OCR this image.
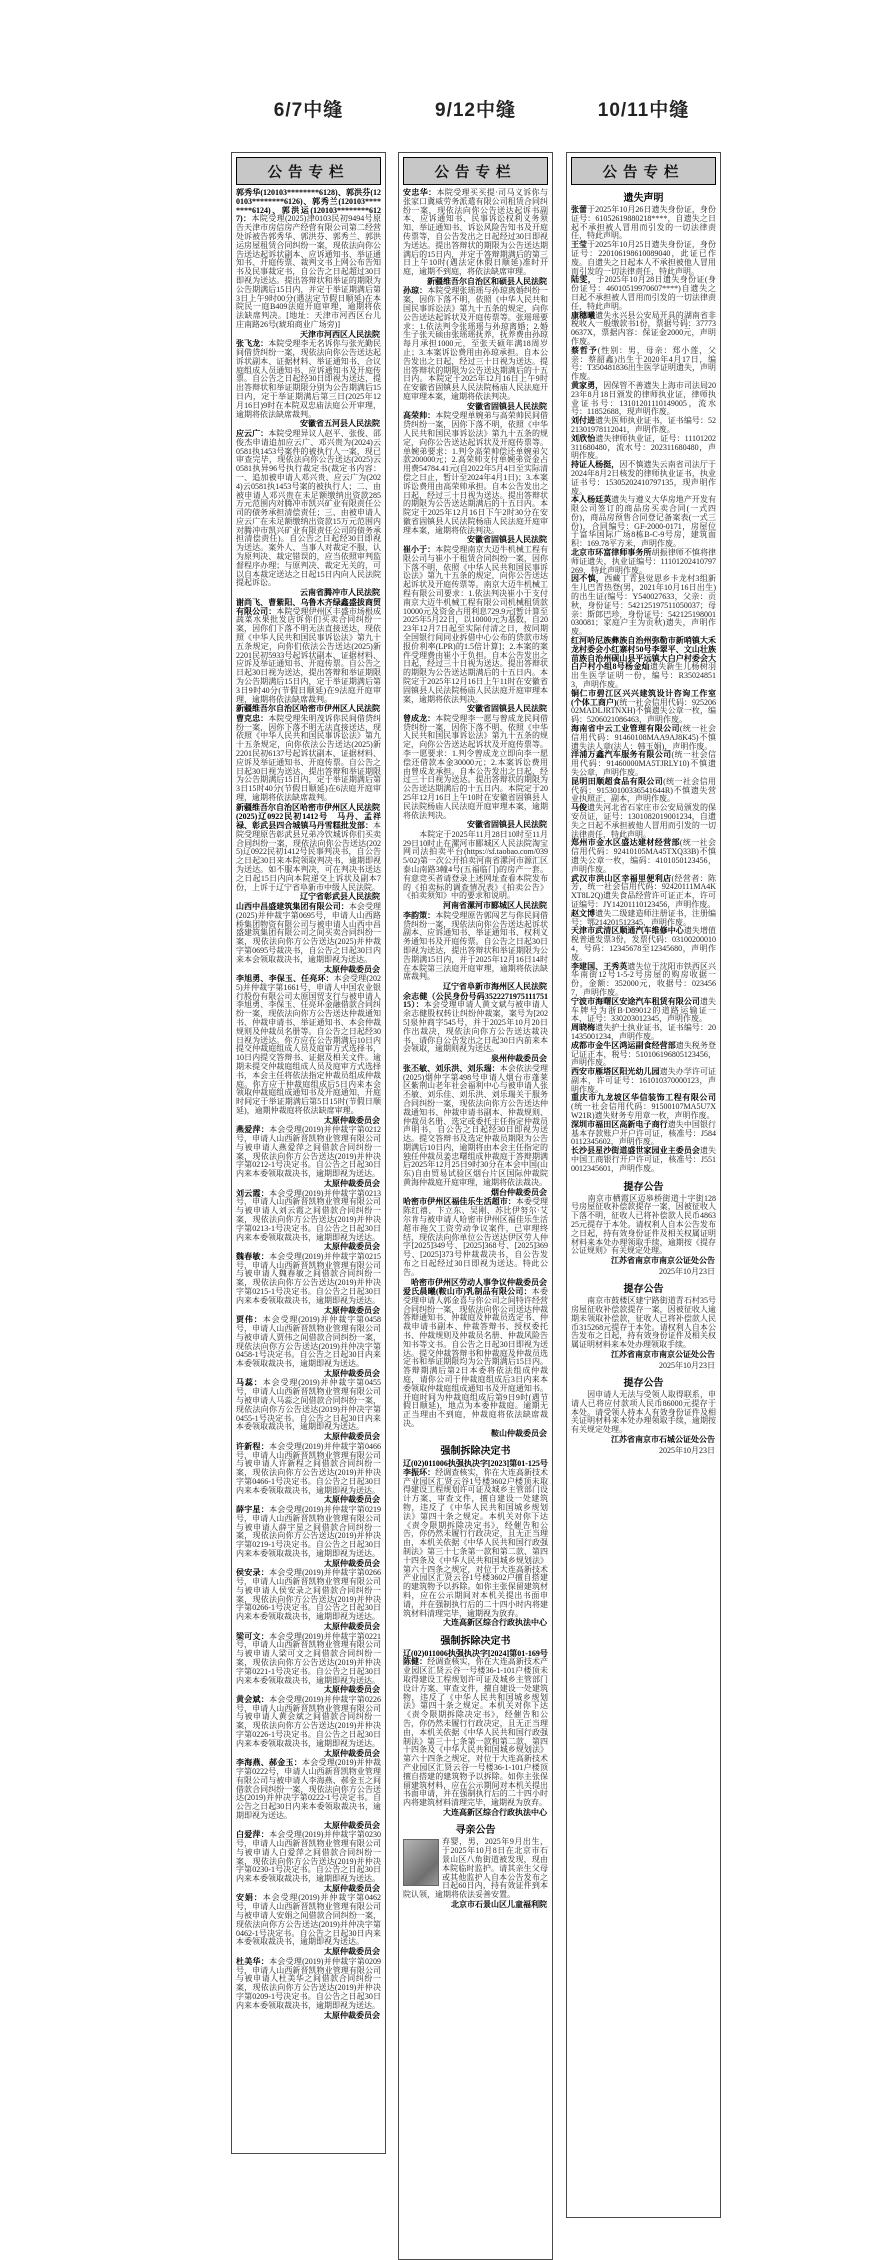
6/7中缝
公告专栏

郭秀华(120103********6128)、郭洪芬(120103********6126)、郭秀兰(120103********6124)、郭洪运(120103********6127)：本院受理(2025)津0103民初9494号原告天津市房信房产经营有限公司第二经营处诉被告郭秀华、郭洪芬、郭秀兰、郭洪运房屋租赁合同纠纷一案，现依法向你公告送达起诉状副本、应诉通知书、举证通知书、开庭传票、裁判文书上网公布告知书及民事裁定书，自公告之日起超过30日即视为送达。提出答辩状和举证的期限为公告期满后15日内，并定于举证期满后第3日上午9时00分(遇法定节假日顺延)在本院民一庭B409法庭开庭审理，逾期将依法缺席判决。[地址：天津市河西区台儿庄南路26号(琥珀商业广场旁)]

天津市河西区人民法院

张飞龙：本院受理李无名诉你与张光勤民间借贷纠纷一案，现依法向你公告送达起诉状副本、证据材料、举证通知书、合议庭组成人员通知书、应诉通知书及开庭传票。自公告之日起经30日即视为送达，提出答辩状和举证期限分别为公告期满后15日内，定于举证期满后第三日(2025年12月16日)9时在本院双忠庙法庭公开审理，逾期将依法缺席裁判。

安徽省五河县人民法院

应云广：本院受理异议人赵平、张俊、邵俊杰申请追加应云广、邓兴贵为(2024)云0581执1453号案件的被执行人一案，现已审查完毕，现依法向你公告送达(2025)云0581执异96号执行裁定书(裁定书内容：一、追加被申请人邓兴贵、应云广为(2024)云0581执1453号案的被执行人；二、由被申请人邓兴贵在未足额缴纳出资款285万元范围内对腾冲市凯兴矿业有限责任公司的债务承担清偿责任；三、由被申请人应云广在未足额缴纳出资款15万元范围内对腾冲市凯兴矿业有限责任公司的债务承担清偿责任)。自公告之日起经30日即视为送达。案外人、当事人对裁定不服，认为原判决、裁定错误的，应当依照审判监督程序办理；与原判决、裁定无关的，可以自本裁定送达之日起15日内向人民法院提起诉讼。

云南省腾冲市人民法院

谢尚飞、曹紫阳、乌鲁木齐绿鑫盛拔商贸有限公司：本院受理伊州区丰盛市场根成蔬菜水果批发店诉你们买卖合同纠纷一案，因你们下落不明无法直接送达，现依照《中华人民共和国民事诉讼法》第九十五条规定，向你们依法公告送达(2025)新2201民初5933号起诉状副本、证据材料、应诉及举证通知书、开庭传票。自公告之日起30日视为送达，提出答辩和举证期限为公告期满后15日内，定于举证期满后第3日9时40分(节假日顺延)在9法庭开庭审理，逾期将依法缺席裁判。

新疆维吾尔自治区哈密市伊州区人民法院

曹克忠：本院受理朱明茂诉你民间借贷纠纷一案，因你下落不明无法直接送达，现依照《中华人民共和国民事诉讼法》第九十五条规定，向你依法公告送达(2025)新2201民初6137号起诉状副本、证据材料、应诉及举证通知书、开庭传票。自公告之日起30日视为送达，提出答辩和举证期限为公告期满后15日内，定于举证期满后第3日15时40分(节假日顺延)在6法庭开庭审理，逾期将依法缺席裁判。

新疆维吾尔自治区哈密市伊州区人民法院

(2025)辽0922民初1412号　马丹、孟祥禄、彰武县四合城镇马丹雪糕批发部：本院受理原告彰武县兄弟冷饮城诉你们买卖合同纠纷一案，现依法向你公告送达(2025)辽0922民初1412号民事判决书，自公告之日起30日来本院领取判决书，逾期即视为送达。如不服本判决，可在判决书送达之日起15日内向本院递交上诉状及副本7份，上诉于辽宁省阜新市中级人民法院。

辽宁省彰武县人民法院

山西中昌盛建筑集团有限公司：本会受理(2025)并仲裁字第0695号，申请人山西路桥集团物资有限公司与被申请人山西中昌盛建筑集团有限公司之间买卖合同纠纷一案，现依法向你方公告送达(2025)并仲裁字第0695号裁决书，自公告之日起30日内来本会领取裁决书，逾期即视为送达。

太原仲裁委员会

李旭勇、李保玉、任亮环：本会受理(2025)并仲裁字第1661号，申请人中国农业银行股份有限公司太原国贸支行与被申请人李旭勇、李保玉、任亮环金融借款合同纠纷一案，现依法向你方公告送达仲裁通知书、仲裁申请书、举证通知书、本会仲裁规则及仲裁员名册等。自公告之日起经30日视为送达。你方应在公告期满后10日内提交仲裁庭组成人员及庭审方式选择书，10日内提交答辩书、证据及相关文件。逾期未提交仲裁庭组成人员及庭审方式选择书，本会主任将依法指定仲裁员组成仲裁庭。你方应于仲裁庭组成后5日内来本会领取仲裁庭组成通知书及开庭通知，开庭时间定于举证期满后第5日15时(节假日顺延)，逾期仲裁庭将依法缺席审理。

太原仲裁委员会

燕爱萍：本会受理(2019)并仲裁字第0212号，申请人山西新晋凯物业管理有限公司与被申请人燕爱萍之间借款合同纠纷一案，现依法向你方公告送达(2019)并仲决字第0212-1号决定书。自公告之日起30日内来本委领取裁决书，逾期即视为送达。

太原仲裁委员会

刘云霞：本会受理(2019)并仲裁字第0213号，申请人山西新晋凯物业管理有限公司与被申请人刘云霞之间借款合同纠纷一案，现依法向你方公告送达(2019)并仲决字第0213-1号决定书。自公告之日起30日内来本委领取裁决书，逾期即视为送达。

太原仲裁委员会

魏春敏：本会受理(2019)并仲裁字第0215号，申请人山西新晋凯物业管理有限公司与被申请人魏春敏之间借款合同纠纷一案，现依法向你方公告送达(2019)并仲决字第0215-1号决定书。自公告之日起30日内来本委领取裁决书，逾期即视为送达。

太原仲裁委员会

贾伟：本会受理(2019)并仲裁字第0458号，申请人山西新晋凯物业管理有限公司与被申请人贾伟之间借款合同纠纷一案，现依法向你方公告送达(2019)并仲决字第0458-1号决定书。自公告之日起30日内来本委领取裁决书，逾期即视为送达。

太原仲裁委员会

马蕊：本会受理(2019)并仲裁字第0455号，申请人山西新晋凯物业管理有限公司与被申请人马蕊之间借款合同纠纷一案，现依法向你方公告送达(2019)并仲决字第0455-1号决定书。自公告之日起30日内来本委领取裁决书，逾期即视为送达。

太原仲裁委员会

许新程：本会受理(2019)并仲裁字第0466号，申请人山西新晋凯物业管理有限公司与被申请人许新程之间借款合同纠纷一案，现依法向你方公告送达(2019)并仲决字第0466-1号决定书。自公告之日起30日内来本委领取裁决书，逾期即视为送达。

太原仲裁委员会

薛宇星：本会受理(2019)并仲裁字第0219号，申请人山西新晋凯物业管理有限公司与被申请人薛宇星之间借款合同纠纷一案，现依法向你方公告送达(2019)并仲决字第0219-1号决定书。自公告之日起30日内来本委领取裁决书，逾期即视为送达。

太原仲裁委员会

侯安录：本会受理(2019)并仲裁字第0266号，申请人山西新晋凯物业管理有限公司与被申请人侯安录之间借款合同纠纷一案，现依法向你方公告送达(2019)并仲决字第0266-1号决定书。自公告之日起30日内来本委领取裁决书，逾期即视为送达。

太原仲裁委员会

梁可文：本会受理(2019)并仲裁字第0221号，申请人山西新晋凯物业管理有限公司与被申请人梁可文之间借款合同纠纷一案，现依法向你方公告送达(2019)并仲决字第0221-1号决定书。自公告之日起30日内来本委领取裁决书，逾期即视为送达。

太原仲裁委员会

黄会斌：本会受理(2019)并仲裁字第0226号，申请人山西新晋凯物业管理有限公司与被申请人黄会斌之间借款合同纠纷一案，现依法向你方公告送达(2019)并仲决字第0226-1号决定书。自公告之日起30日内来本委领取裁决书，逾期即视为送达。

太原仲裁委员会

李海燕、郝金玉：本会受理(2019)并仲裁字第0222号，申请人山西新晋凯物业管理有限公司与被申请人李海燕、郝金玉之间借款合同纠纷一案，现依法向你方公告送达(2019)并仲决字第0222-1号决定书。自公告之日起30日内来本委领取裁决书，逾期即视为送达。

太原仲裁委员会

白爱萍：本会受理(2019)并仲裁字第0230号，申请人山西新晋凯物业管理有限公司与被申请人白爱萍之间借款合同纠纷一案，现依法向你方公告送达(2019)并仲决字第0230-1号决定书。自公告之日起30日内来本委领取裁决书，逾期即视为送达。

太原仲裁委员会

安娟：本会受理(2019)并仲裁字第0462号，申请人山西新晋凯物业管理有限公司与被申请人安娟之间借款合同纠纷一案，现依法向你方公告送达(2019)并仲决字第0462-1号决定书。自公告之日起30日内来本委领取裁决书，逾期即视为送达。

太原仲裁委员会

杜美华：本会受理(2019)并仲裁字第0209号，申请人山西新晋凯物业管理有限公司与被申请人杜美华之间借款合同纠纷一案，现依法向你方公告送达(2019)并仲决字第0209-1号决定书。自公告之日起30日内来本委领取裁决书，逾期即视为送达。

太原仲裁委员会
9/12中缝
公告专栏

安忠华：本院受理买买提·司马义诉你与张家口冀威劳务派遣有限公司租赁合同纠纷一案，现依法向你公告送达起诉书副本、应诉通知书、民事诉讼权利义务须知、举证通知书、诉讼风险告知书及开庭传票等，自公告发出之日起经过30日即视为送达。提出答辩状的期限为公告送达期满后的15日内，并定于答辩期满后的第三日上午10时(遇法定休假日顺延)准时开庭，逾期不到庭，将依法缺席审理。

新疆维吾尔自治区和硕县人民法院

孙琼：本院受理张瑶瑶与孙琼离婚纠纷一案，因你下落不明，依照《中华人民共和国民事诉讼法》第九十五条的规定，向你公告送达起诉状及开庭传票等。张瑶瑶要求：1.依法判令张瑶瑶与孙琼离婚；2.婚生子张天硕由张瑶瑶抚养，抚养费由孙琼每月承担1000元，至张天硕年满18周岁止；3.本案诉讼费用由孙琼承担。自本公告发出之日起，经过三十日视为送达。提出答辩状的期限为公告送达期满后的十五日内。本院定于2025年12月16日上午9时在安徽省固镇县人民法院杨庙人民法庭开庭审理本案，逾期将依法判决。

安徽省固镇县人民法院

高荣帅：本院受理单婉弟与高荣帅民间借贷纠纷一案，因你下落不明，依照《中华人民共和国民事诉讼法》第九十五条的规定，向你公告送达起诉状及开庭传票等。单婉弟要求：1.判令高荣帅偿还单婉弟欠款200000元；2.高荣帅支付单婉弟资金占用费54784.41元(自2022年5月4日至实际清偿之日止，暂计至2024年4月1日)；3.本案诉讼费用由高荣帅承担。自本公告发出之日起，经过三十日视为送达。提出答辩状的期限为公告送达期满后的十五日内。本院定于2025年12月16日下午2时30分在安徽省固镇县人民法院杨庙人民法庭开庭审理本案，逾期将依法判决。

安徽省固镇县人民法院

崔小于：本院受理南京大迈牛机械工程有限公司与崔小于租赁合同纠纷一案，因你下落不明，依照《中华人民共和国民事诉讼法》第九十五条的规定，向你公告送达起诉状及开庭传票等。南京大迈牛机械工程有限公司要求：1.依法判决崔小于支付南京大迈牛机械工程有限公司机械租赁款10000元及资金占用利息729.9元[暂计算至2025年5月22日，以10000元为基数，自2023年12月7日起至实际付清之日，按同期全国银行间同业拆借中心公布的贷款市场报价利率(LPR)的1.5倍计算]；2.本案的案件受理费由崔小于负担。自本公告发出之日起，经过三十日视为送达。提出答辩状的期限为公告送达期满后的十五日内。本院定于2025年12月16日上午11时在安徽省固镇县人民法院杨庙人民法庭开庭审理本案，逾期将依法判决。

安徽省固镇县人民法院

曾成龙：本院受理李一愿与曾成龙民间借贷纠纷一案，因你下落不明，依照《中华人民共和国民事诉讼法》第九十五条的规定，向你公告送达起诉状及开庭传票等。李一愿要求：1.判令曾成龙立即向李一愿偿还借款本金30000元；2.本案诉讼费用由曾成龙承担。自本公告发出之日起，经过三十日视为送达。提出答辩状的期限为公告送达期满后的十五日内。本院定于2025年12月16日上午10时在安徽省固镇县人民法院杨庙人民法庭开庭审理本案，逾期将依法判决。

安徽省固镇县人民法院

　　本院定于2025年11月28日10时至11月29日10时止在漯河市郾城区人民法院淘宝网司法拍卖平台(https://sf.taobao.com/0395/02)第一次公开拍卖河南省漯河市源汇区泰山南路3幢4号(五福临门)的房产一套。有意竞买者请登录上述网址查看本院发布的《拍卖标的调查情况表》《拍卖公告》《拍卖须知》中的要求和说明。

河南省漯河市郾城区人民法院

李韵策：本院受理原告郭闯艺与你民间借贷纠纷一案，现依法向你公告送达起诉状副本、应诉通知书、举证通知书、权利义务通知书及开庭传票。自公告之日起30日即视为送达，提出答辩状和举证期限为公告期满15日内，并于2025年12月16日14时在本院第三法庭开庭审理，逾期将依法缺席裁判。

辽宁省阜新市海州区人民法院

余志健（公民身份号码352227197511175115）：本会受理申请人黄文斌与被申请人余志健股权转让纠纷仲裁案，案号为[2025]泉仲商字545号，并于2025年10月20日作出裁决，现依法向你方公告送达裁决书，请你自公告发出之日起30日内前来本会领取，逾期则视为送达。

泉州仲裁委员会

张丕敏、刘乐洪、刘乐瑞：本会依法受理(2025)烟仲字第498号申请人烟台市蓬莱区紫荆山老年社会福利中心与被申请人张丕敏、刘乐佳、刘乐洪、刘乐瑞关于服务合同纠纷一案，现依法向你方公告送达仲裁通知书、仲裁申请书副本、仲裁规则、仲裁员名册、选定或委托主任指定仲裁员声明书，自公告之日起经30日即视为送达。提交答辩书及选定仲裁员期限为公告期满后10日内，逾期将由本会主任指定的独任仲裁员姜忠曙组成仲裁庭于答辩期满后2025年12月25日9时30分在本会中国(山东)自由贸易试验区烟台片区国际仲裁院黄海仲裁庭开庭审理，逾期将依法裁决。

烟台仲裁委员会

哈密市伊州区福佳乐生活超市：本委受理陈红禧、卞立东、吴刚、苏比伊努尔·艾尔肯与被申请人哈密市伊州区福佳乐生活超市拖欠工资劳动争议案件，已审理终结，现依法向你单位公告送达伊区劳人仲字[2025]349号、[2025]368号、[2025]369号、[2025]373号仲裁裁决书，自公告发布之日起经过30日即视为送达。特此公告。

哈密市伊州区劳动人事争议仲裁委员会

爱氏晨曦(鞍山市)乳制品有限公司：本委受理申请人郭金喜与你公司之间特许经营合同纠纷一案，现依法向你公司送达仲裁答辩通知书、仲裁庭及仲裁员选定书、仲裁申请书副本、仲裁答辩书、授权委托书、仲裁规则及仲裁员名册、仲裁风险告知书等文书。自公告之日起30日即视为送达。提交仲裁答辩书和仲裁庭及仲裁员选定书和举证期限均为公告期满后15日内。答辩期满后第2日本委将依法组成仲裁庭，请你公司于仲裁庭组成后3日内来本委领取仲裁庭组成通知书及开庭通知书。开庭时间为仲裁庭组成后第9日9时(遇节假日顺延)，地点为本委仲裁庭。逾期无正当理由不到庭，仲裁庭将依法缺席裁决。

鞍山仲裁委员会
强制拆除决定书

辽(02)011006执强执决字[2023]第01-125号

李振环：经调查核实，你在大连高新技术产业园区汇贤云谷1号楼3602户楼顶未取得建设工程规划许可证及城乡主管部门设计方案、审查文件，擅自建设一处建筑物，违反了《中华人民共和国城乡规划法》第四十条之规定。本机关对你下达《责令限期拆除决定书》，经催告和公告，你仍然未履行行政决定，且无正当理由，本机关依据《中华人民共和国行政强制法》第三十七条第一款和第二款、第四十四条及《中华人民共和国城乡规划法》第六十四条之规定，对位于大连高新技术产业园区汇贤云谷1号楼3602户擅自搭建的建筑物予以拆除。如你主张保留建筑材料，应在公示期间对本机关提出书面申请，并在强制执行后的二十四小时内将建筑材料清理完毕，逾期视为放弃。

大连高新区综合行政执法中心
强制拆除决定书

辽(02)011006执强执决字[2024]第01-169号

陈健：经调查核实，你在大连高新技术产业园区汇贤云谷一号楼36-1-101户楼顶未取得建设工程规划许可证及城乡主管部门设计方案、审查文件，擅自建设一处建筑物，违反了《中华人民共和国城乡规划法》第四十条之规定。本机关对你下达《责令限期拆除决定书》，经催告和公告，你仍然未履行行政决定，且无正当理由，本机关依据《中华人民共和国行政强制法》第三十七条第一款和第二款、第四十四条及《中华人民共和国城乡规划法》第六十四条之规定，对位于大连高新技术产业园区汇贤云谷一号楼36-1-101户楼顶擅自搭建的建筑物予以拆除。如你主张保留建筑材料，应在公示期间对本机关提出书面申请，并在强制执行后的二十四小时内将建筑材料清理完毕，逾期视为放弃。

大连高新区综合行政执法中心
寻亲公告

弃婴，男，2025年9月出生，于2025年10月8日在北京市石景山区八角街道被发现，现由本院临时监护。请其亲生父母或其他监护人自本公告发布之日起60日内，持有效证件到本院认领，逾期将依法妥善安置。

北京市石景山区儿童福利院
10/11中缝
公告专栏
遗失声明

张蕾于2025年10月26日遗失身份证，身份证号：61052619880218****，自遗失之日起不承担被人冒用而引发的一切法律责任，特此声明。

王莹于2025年10月25日遗失身份证，身份证号：220106198610089040，此证已作废。自遗失之日起本人不承担被他人冒用而引发的一切法律责任，特此声明。

陆雯，于2025年10月28日遗失身份证(身份证号：46010519970607****)自遗失之日起不承担被人冒用而引发的一切法律责任，特此声明。

康穗曦遗失永兴县公安局开具的湖南省非税收入一般缴款书1份，票据号码：377730637X，票据内容：保证金2000元，声明作废。

蔡哲予(性别：男，母亲：郑小莲，父亲：蔡韶鑫)出生于2020年4月17日，编号：T350481836出生医学证明遗失，声明作废。

黄家勇，因保管不善遗失上海市司法局2023年8月18日颁发的律师执业证，律师执业证书号：13101201110149005，流水号：11852688，现声明作废。

刘付进遗失医师执业证书，证书编号：5221301978112041，声明作废。

刘欣怡遗失律师执业证，证号：11101202311680480，流水号：202311680480，声明作废。

持证人杨挺，因不慎遗失云南省司法厅于2024年8月2日核发的律师执业证书，执业证书号：15305202410797135，现声明作废。

本人杨廷英遗失与遵义大华房地产开发有限公司签订的商品房买卖合同(一式四份)，商品房预售合同登记备案表(一式三份)，合同编号：GF-2000-0171，房屋位于富华国际广场8栋B-C-9号房，建筑面积：169.78平方米，声明作废。

北京市环富律师事务所胡振律师不慎将律师证遗失，执业证编号：11101202410797269，特此声明作废。

因不慎，西藏丁青县觉恩乡卡龙村3组新生儿巴青热登(男，2021年10月16日出生)的出生证(编号：Y540027633，父亲：贡秋，身份证号：542125197511050037；母亲：斯郎巴珍，身份证号：542125198001030081；家庭户主为贡秋)遗失，声明作废。

红河哈尼族彝族自治州弥勒市新哨镇大禾龙村委会小红寨村50号李翠平、文山壮族苗族自治州砚山县平远镇大白户村委会大白户村小组8号杨金灿遗失新生儿杨树羽出生医学证明一份，编号：R350248513，声明作废。

铜仁市碧江区兴兴建筑设计咨询工作室(个体工商户)(统一社会信用代码：92520602MADLJRTNXH)不慎遗失公章一枚，编码：5206021086463，声明作废。

海南省中云工业管理有限公司(统一社会信用代码：91460108MAA9AJ8K45)不慎遗失法人章(法人：韩玉娟)，声明作废。

洋浦万鑫汽车服务有限公司(统一社会信用代码：91460000MA5TJRLY10)不慎遗失公章，声明作废。

昆明田顺超食品有限公司(统一社会信用代码：91530100336541644R)不慎遗失营业执照正、副本，声明作废。

马俊遗失河北省石家庄市公安局颁发的保安员证，证号：1301082019001234，自遗失之日起不承担被他人冒用而引发的一切法律责任，特此声明。

郑州市金水区盛达建材经营部(统一社会信用代码：92410105MA45TXQ33B)不慎遗失公章一枚，编码：4101050123456，声明作废。

武汉市洪山区幸福里便利店(经营者：陈芳，统一社会信用代码：92420111MA4KXT8L2Q)遗失食品经营许可证正本，许可证编号：JY14201110123456，声明作废。

赵文博遗失二级建造师注册证书，注册编号：鄂214201512345，声明作废。

天津市武清区顺通汽车维修中心遗失增值税普通发票3份，发票代码：031002000104，号码：12345678至12345680，声明作废。

李建国、王秀英遗失位于沈阳市铁西区兴华南街12号1-5-2号房屋的购房收据一份，金额：352000元，收据号：0234567，声明作废。

宁波市海曙区安途汽车租赁有限公司遗失车牌号为浙B·D89012的道路运输证一本，证号：330203012345，声明作废。

周晓梅遗失护士执业证书，证书编号：201435001234，声明作废。

成都市金牛区鸿运副食经营部遗失税务登记证正本，税号：510106196805123456，声明作废。

西安市雁塔区阳光幼儿园遗失办学许可证副本，许可证号：161010370000123，声明作废。

重庆市九龙坡区华信装饰工程有限公司(统一社会信用代码：91500107MA5U7XW21R)遗失财务专用章一枚，声明作废。

深圳市福田区高新电子商行遗失中国银行基本存款账户开户许可证，核准号：J5840112345602，声明作废。

长沙县星沙街道盛世家园业主委员会遗失中国工商银行开户许可证，核准号：J5510012345601，声明作废。

提存公告

　　南京市栖霞区迈皋桥街道十字街128号房屋征收补偿款提存一案，因被征收人下落不明，征收人已将补偿款人民币486325元提存于本处。请权利人自本公告发布之日起，持有效身份证件及相关权属证明材料来本处办理领取手续，逾期按《提存公证规则》有关规定处理。

江苏省南京市南京公证处公告
2025年10月23日
提存公告

　　南京市鼓楼区建宁路街道青石村35号房屋征收补偿款提存一案，因被征收人逾期未领取补偿款，征收人已将补偿款人民币315268元提存于本处。请权利人自本公告发布之日起，持有效身份证件及相关权属证明材料来本处办理领取手续。

江苏省南京市南京公证处公告
2025年10月23日
提存公告

　　因申请人无法与受领人取得联系，申请人已将应付款项人民币86000元提存于本处。请受领人持本人有效身份证件及相关证明材料来本处办理领取手续，逾期按有关规定处理。

江苏省南京市石城公证处公告
2025年10月23日
